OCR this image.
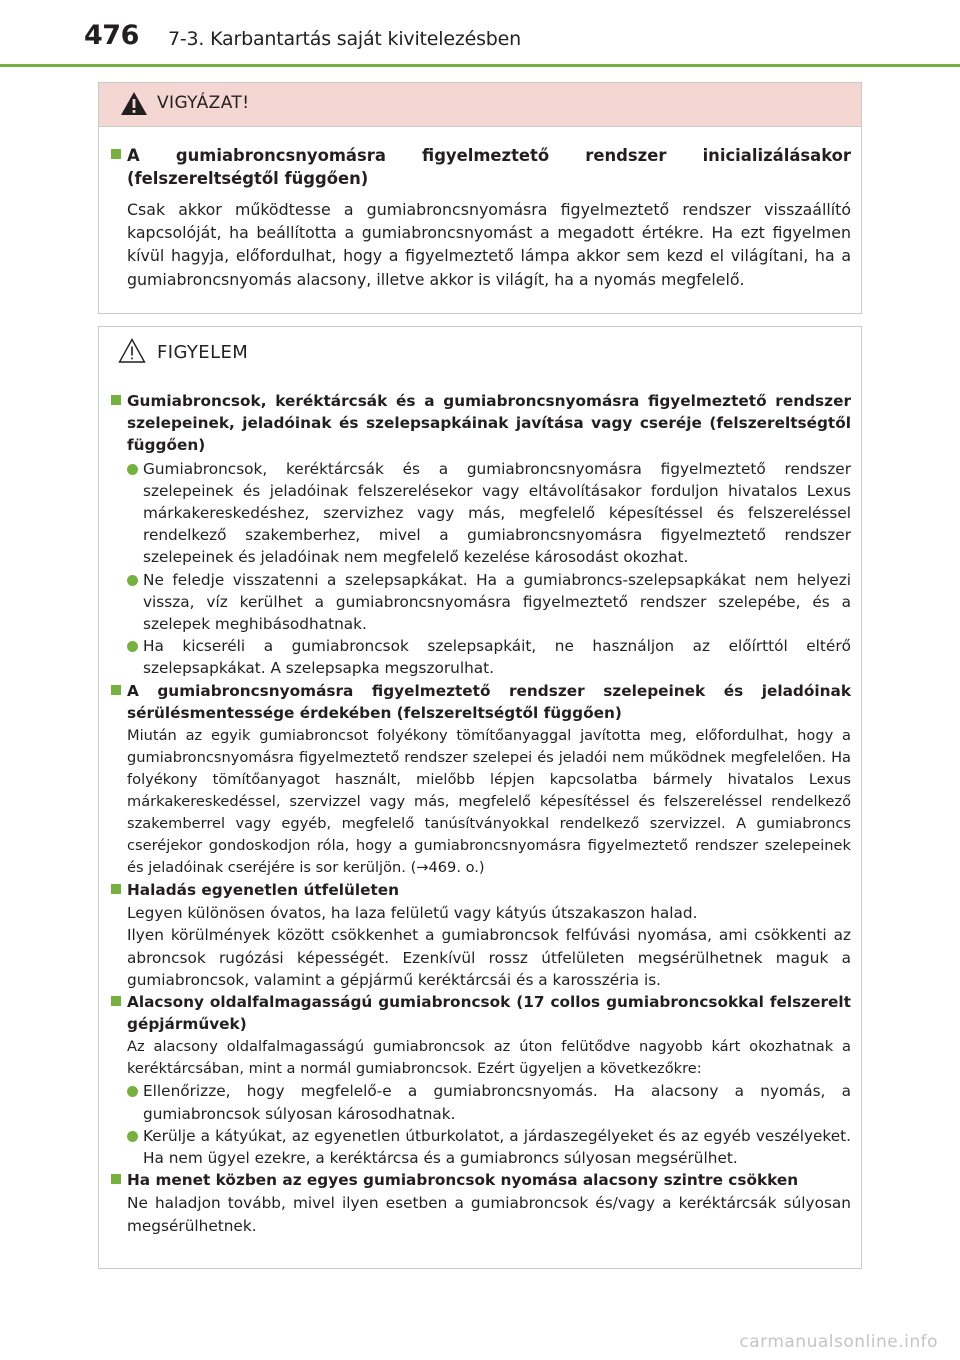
476 7-3. Karbantartás saját kivitelezésben
VIGYÁZAT!
A gumiabroncsnyomásra figyelmeztető rendszer inicializálásakor (felszereltségtől függően)
Csak akkor működtesse a gumiabroncsnyomásra figyelmeztető rendszer visszaállító kapcsolóját, ha beállította a gumiabroncsnyomást a megadott értékre. Ha ezt figyelmen kívül hagyja, előfordulhat, hogy a figyelmeztető lámpa akkor sem kezd el világítani, ha a gumiabroncsnyomás alacsony, illetve akkor is világít, ha a nyomás megfelelő.
FIGYELEM
Gumiabroncsok, keréktárcsák és a gumiabroncsnyomásra figyelmeztető rendszer szelepeinek, jeladóinak és szelepsapkáinak javítása vagy cseréje (felszereltségtől függően)
Gumiabroncsok, keréktárcsák és a gumiabroncsnyomásra figyelmeztető rendszer szelepeinek és jeladóinak felszerelésekor vagy eltávolításakor forduljon hivatalos Lexus márkakereskedéshez, szervizhez vagy más, megfelelő képesítéssel és felszereléssel rendelkező szakemberhez, mivel a gumiabroncsnyomásra figyelmeztető rendszer szelepeinek és jeladóinak nem megfelelő kezelése károsodást okozhat.
Ne feledje visszatenni a szelepsapkákat. Ha a gumiabroncs-szelepsapkákat nem helyezi vissza, víz kerülhet a gumiabroncsnyomásra figyelmeztető rendszer szelepébe, és a szelepek meghibásodhatnak.
Ha kicseréli a gumiabroncsok szelepsapkáit, ne használjon az előírttól eltérő szelepsapkákat. A szelepsapka megszorulhat.
A gumiabroncsnyomásra figyelmeztető rendszer szelepeinek és jeladóinak sérülésmentessége érdekében (felszereltségtől függően)
Miután az egyik gumiabroncsot folyékony tömítőanyaggal javította meg, előfordulhat, hogy a gumiabroncsnyomásra figyelmeztető rendszer szelepei és jeladói nem működnek megfelelően. Ha folyékony tömítőanyagot használt, mielőbb lépjen kapcsolatba bármely hivatalos Lexus márkakereskedéssel, szervizzel vagy más, megfelelő képesítéssel és felszereléssel rendelkező szakemberrel vagy egyéb, megfelelő tanúsítványokkal rendelkező szervizzel. A gumiabroncs cseréjekor gondoskodjon róla, hogy a gumiabroncsnyomásra figyelmeztető rendszer szelepeinek és jeladóinak cseréjére is sor kerüljön. (→469. o.)
Haladás egyenetlen útfelületen
Legyen különösen óvatos, ha laza felületű vagy kátyús útszakaszon halad.
Ilyen körülmények között csökkenhet a gumiabroncsok felfúvási nyomása, ami csökkenti az abroncsok rugózási képességét. Ezenkívül rossz útfelületen megsérülhetnek maguk a gumiabroncsok, valamint a gépjármű keréktárcsái és a karosszéria is.
Alacsony oldalfalmagasságú gumiabroncsok (17 collos gumiabroncsokkal felszerelt gépjárművek)
Az alacsony oldalfalmagasságú gumiabroncsok az úton felütődve nagyobb kárt okozhatnak a keréktárcsában, mint a normál gumiabroncsok. Ezért ügyeljen a következőkre:
Ellenőrizze, hogy megfelelő-e a gumiabroncsnyomás. Ha alacsony a nyomás, a gumiabroncsok súlyosan károsodhatnak.
Kerülje a kátyúkat, az egyenetlen útburkolatot, a járdaszegélyeket és az egyéb veszélyeket. Ha nem ügyel ezekre, a keréktárcsa és a gumiabroncs súlyosan megsérülhet.
Ha menet közben az egyes gumiabroncsok nyomása alacsony szintre csökken
Ne haladjon tovább, mivel ilyen esetben a gumiabroncsok és/vagy a keréktárcsák súlyosan megsérülhetnek.
carmanualsonline.info
